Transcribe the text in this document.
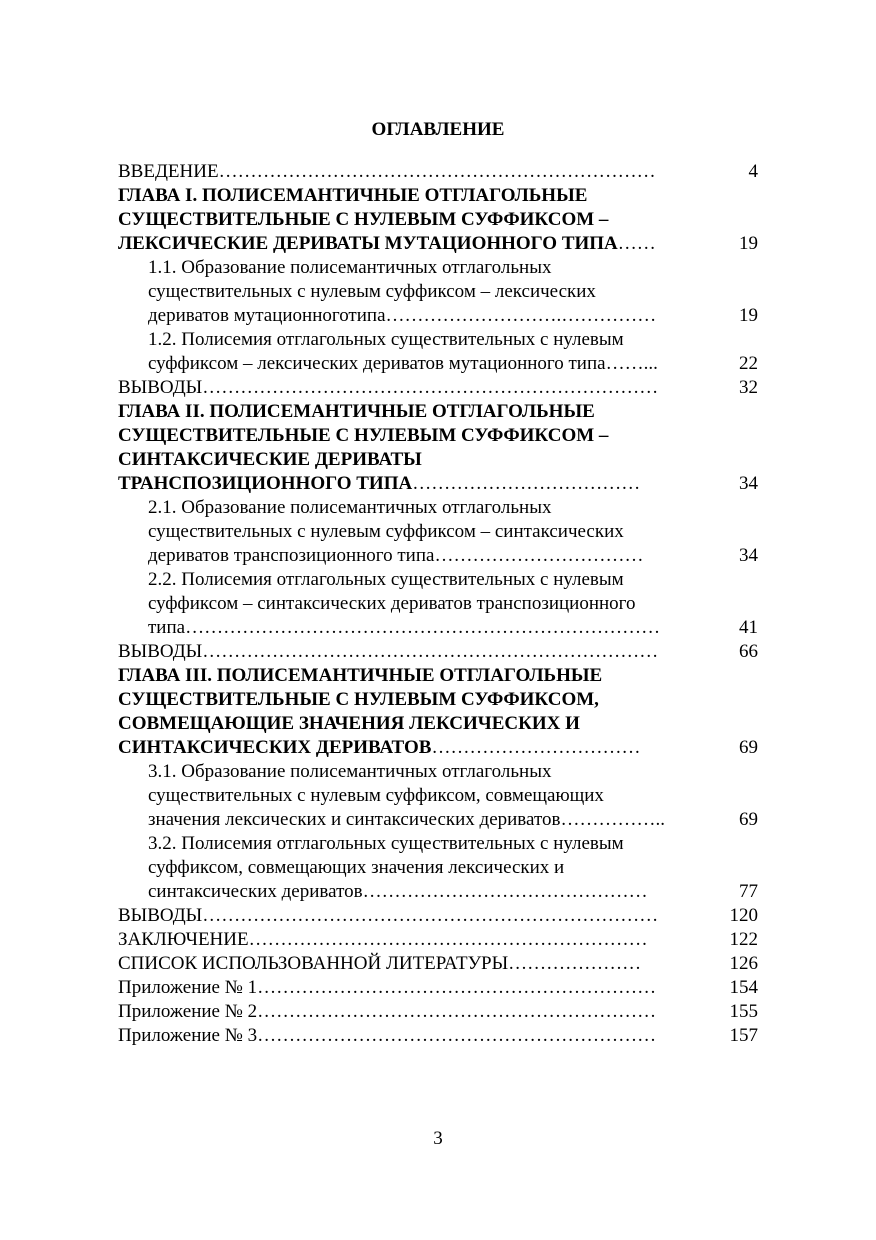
ОГЛАВЛЕНИЕ
ВВЕДЕНИЕ……………………………………………………………	4
ГЛАВА I. ПОЛИСЕМАНТИЧНЫЕ ОТГЛАГОЛЬНЫЕ
СУЩЕСТВИТЕЛЬНЫЕ С НУЛЕВЫМ СУФФИКСОМ –
ЛЕКСИЧЕСКИЕ ДЕРИВАТЫ МУТАЦИОННОГО ТИПА……	19
1.1. Образование полисемантичных отглагольных
существительных с нулевым суффиксом – лексических
дериватов мутационноготипа……………………….……………	19
1.2. Полисемия отглагольных существительных с нулевым
суффиксом – лексических дериватов мутационного типа……...	22
ВЫВОДЫ………………………………………………………………	32
ГЛАВА II. ПОЛИСЕМАНТИЧНЫЕ ОТГЛАГОЛЬНЫЕ
СУЩЕСТВИТЕЛЬНЫЕ С НУЛЕВЫМ СУФФИКСОМ –
СИНТАКСИЧЕСКИЕ ДЕРИВАТЫ
ТРАНСПОЗИЦИОННОГО ТИПА………………………………	34
2.1. Образование полисемантичных отглагольных
существительных с нулевым суффиксом – синтаксических
дериватов транспозиционного типа……………………………	34
2.2. Полисемия отглагольных существительных с нулевым
суффиксом – синтаксических дериватов транспозиционного
типа…………………………………………………………………	41
ВЫВОДЫ………………………………………………………………	66
ГЛАВА III. ПОЛИСЕМАНТИЧНЫЕ ОТГЛАГОЛЬНЫЕ
СУЩЕСТВИТЕЛЬНЫЕ С НУЛЕВЫМ СУФФИКСОМ,
СОВМЕЩАЮЩИЕ ЗНАЧЕНИЯ ЛЕКСИЧЕСКИХ И
СИНТАКСИЧЕСКИХ ДЕРИВАТОВ……………………………	69
3.1. Образование полисемантичных отглагольных
существительных с нулевым суффиксом, совмещающих
значения лексических и синтаксических дериватов……………..	69
3.2. Полисемия отглагольных существительных с нулевым
суффиксом, совмещающих значения лексических и
синтаксических дериватов………………………………………	77
ВЫВОДЫ………………………………………………………………	120
ЗАКЛЮЧЕНИЕ………………………………………………………	122
СПИСОК ИСПОЛЬЗОВАННОЙ ЛИТЕРАТУРЫ…………………	126
Приложение № 1………………………………………………………	154
Приложение № 2………………………………………………………	155
Приложение № 3………………………………………………………	157
3
